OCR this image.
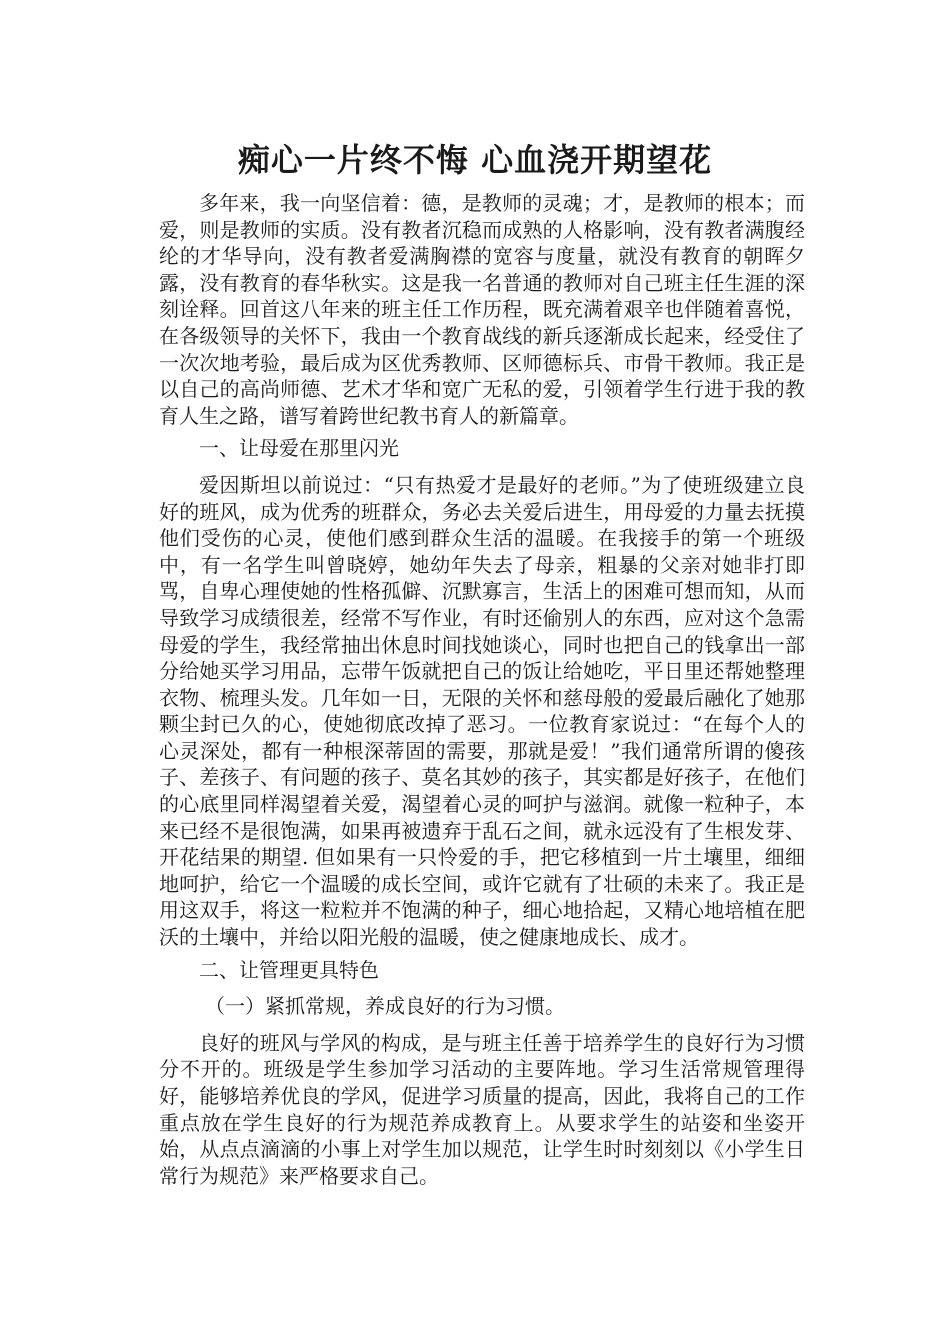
痴心一片终不悔 心血浇开期望花

多年来，我一向坚信着：德，是教师的灵魂；才，是教师的根本；而爱，则是教师的实质。没有教者沉稳而成熟的人格影响，没有教者满腹经纶的才华导向，没有教者爱满胸襟的宽容与度量，就没有教育的朝晖夕露，没有教育的春华秋实。这是我一名普通的教师对自己班主任生涯的深刻诠释。回首这八年来的班主任工作历程，既充满着艰辛也伴随着喜悦，在各级领导的关怀下，我由一个教育战线的新兵逐渐成长起来，经受住了一次次地考验，最后成为区优秀教师、区师德标兵、市骨干教师。我正是以自己的高尚师德、艺术才华和宽广无私的爱，引领着学生行进于我的教育人生之路，谱写着跨世纪教书育人的新篇章。

一、让母爱在那里闪光

爱因斯坦以前说过：“只有热爱才是最好的老师。”为了使班级建立良好的班风，成为优秀的班群众，务必去关爱后进生，用母爱的力量去抚摸他们受伤的心灵，使他们感到群众生活的温暖。在我接手的第一个班级中，有一名学生叫曾晓婷，她幼年失去了母亲，粗暴的父亲对她非打即骂，自卑心理使她的性格孤僻、沉默寡言，生活上的困难可想而知，从而导致学习成绩很差，经常不写作业，有时还偷别人的东西，应对这个急需母爱的学生，我经常抽出休息时间找她谈心，同时也把自己的钱拿出一部分给她买学习用品，忘带午饭就把自己的饭让给她吃，平日里还帮她整理衣物、梳理头发。几年如一日，无限的关怀和慈母般的爱最后融化了她那颗尘封已久的心，使她彻底改掉了恶习。一位教育家说过：“在每个人的心灵深处，都有一种根深蒂固的需要，那就是爱！”我们通常所谓的傻孩子、差孩子、有问题的孩子、莫名其妙的孩子，其实都是好孩子，在他们的心底里同样渴望着关爱，渴望着心灵的呵护与滋润。就像一粒种子，本来已经不是很饱满，如果再被遗弃于乱石之间，就永远没有了生根发芽、开花结果的期望. 但如果有一只怜爱的手，把它移植到一片土壤里，细细地呵护，给它一个温暖的成长空间，或许它就有了壮硕的未来了。我正是用这双手，将这一粒粒并不饱满的种子，细心地拾起，又精心地培植在肥沃的土壤中，并给以阳光般的温暖，使之健康地成长、成才。

二、让管理更具特色

（一）紧抓常规，养成良好的行为习惯。

良好的班风与学风的构成，是与班主任善于培养学生的良好行为习惯分不开的。班级是学生参加学习活动的主要阵地。学习生活常规管理得好，能够培养优良的学风，促进学习质量的提高，因此，我将自己的工作重点放在学生良好的行为规范养成教育上。从要求学生的站姿和坐姿开始，从点点滴滴的小事上对学生加以规范，让学生时时刻刻以《小学生日常行为规范》来严格要求自己。
